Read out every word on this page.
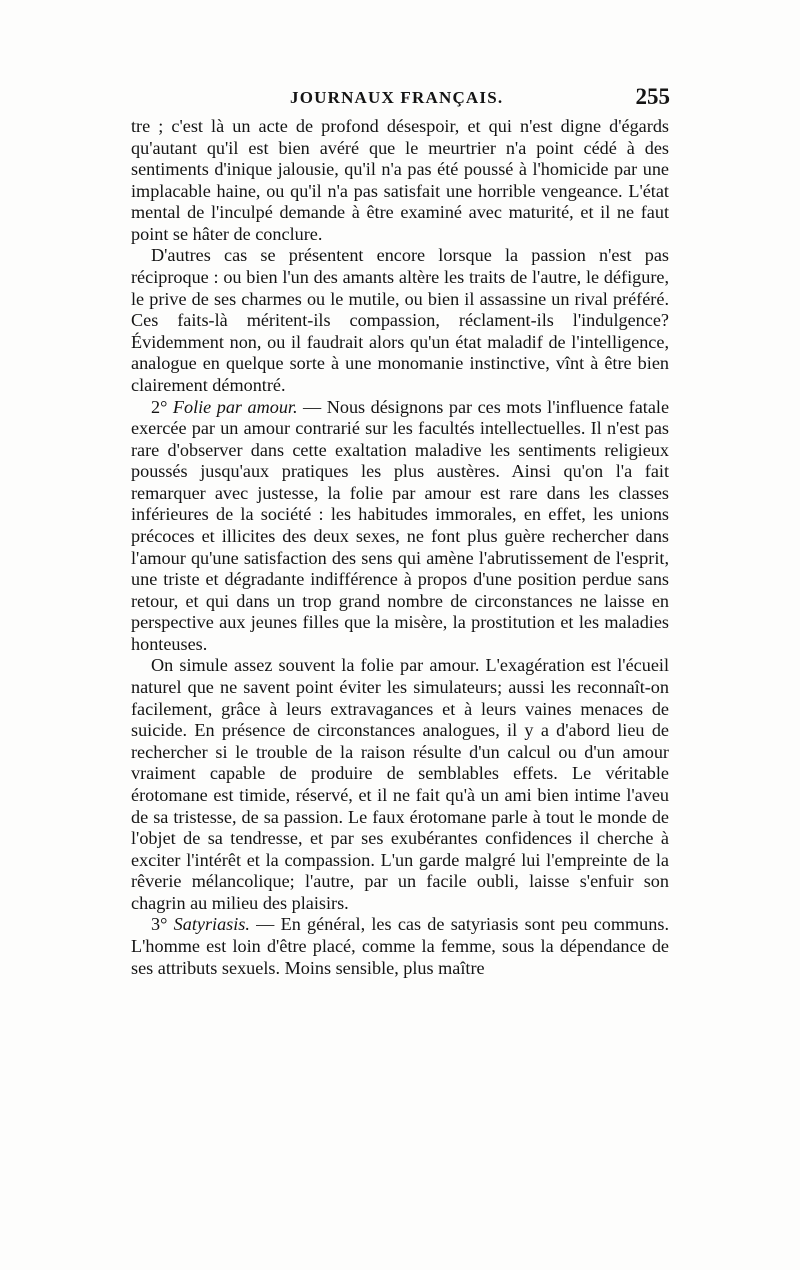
JOURNAUX FRANÇAIS.	255

tre ; c'est là un acte de profond désespoir, et qui n'est digne d'égards qu'autant qu'il est bien avéré que le meurtrier n'a point cédé à des sentiments d'inique jalousie, qu'il n'a pas été poussé à l'homicide par une implacable haine, ou qu'il n'a pas satisfait une horrible vengeance. L'état mental de l'inculpé demande à être examiné avec maturité, et il ne faut point se hâter de conclure.

D'autres cas se présentent encore lorsque la passion n'est pas réciproque : ou bien l'un des amants altère les traits de l'autre, le défigure, le prive de ses charmes ou le mutile, ou bien il assassine un rival préféré. Ces faits-là méritent-ils compassion, réclament-ils l'indulgence? Évidemment non, ou il faudrait alors qu'un état maladif de l'intelligence, analogue en quelque sorte à une monomanie instinctive, vînt à être bien clairement démontré.

2° Folie par amour. — Nous désignons par ces mots l'influence fatale exercée par un amour contrarié sur les facultés intellectuelles. Il n'est pas rare d'observer dans cette exaltation maladive les sentiments religieux poussés jusqu'aux pratiques les plus austères. Ainsi qu'on l'a fait remarquer avec justesse, la folie par amour est rare dans les classes inférieures de la société : les habitudes immorales, en effet, les unions précoces et illicites des deux sexes, ne font plus guère rechercher dans l'amour qu'une satisfaction des sens qui amène l'abrutissement de l'esprit, une triste et dégradante indifférence à propos d'une position perdue sans retour, et qui dans un trop grand nombre de circonstances ne laisse en perspective aux jeunes filles que la misère, la prostitution et les maladies honteuses.

On simule assez souvent la folie par amour. L'exagération est l'écueil naturel que ne savent point éviter les simulateurs; aussi les reconnaît-on facilement, grâce à leurs extravagances et à leurs vaines menaces de suicide. En présence de circonstances analogues, il y a d'abord lieu de rechercher si le trouble de la raison résulte d'un calcul ou d'un amour vraiment capable de produire de semblables effets. Le véritable érotomane est timide, réservé, et il ne fait qu'à un ami bien intime l'aveu de sa tristesse, de sa passion. Le faux érotomane parle à tout le monde de l'objet de sa tendresse, et par ses exubérantes confidences il cherche à exciter l'intérêt et la compassion. L'un garde malgré lui l'empreinte de la rêverie mélancolique; l'autre, par un facile oubli, laisse s'enfuir son chagrin au milieu des plaisirs.

3° Satyriasis. — En général, les cas de satyriasis sont peu communs. L'homme est loin d'être placé, comme la femme, sous la dépendance de ses attributs sexuels. Moins sensible, plus maître
